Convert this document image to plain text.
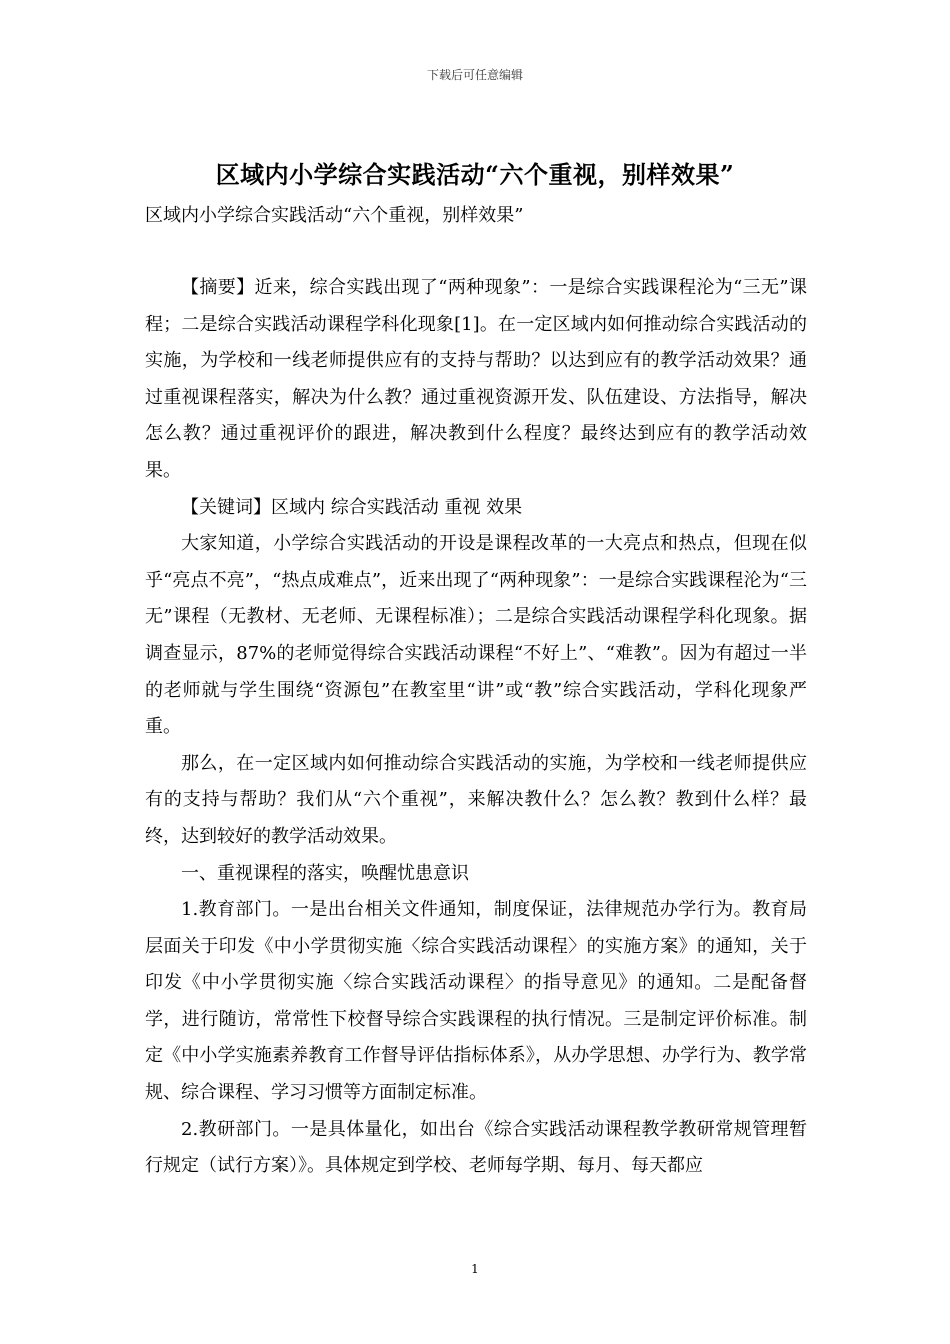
下载后可任意编辑
区域内小学综合实践活动“六个重视，别样效果”
区域内小学综合实践活动“六个重视，别样效果”

【摘要】近来，综合实践出现了“两种现象”：一是综合实践课程沦为“三无”课程；二是综合实践活动课程学科化现象[1]。在一定区域内如何推动综合实践活动的实施，为学校和一线老师提供应有的支持与帮助？以达到应有的教学活动效果？通过重视课程落实，解决为什么教？通过重视资源开发、队伍建设、方法指导，解决怎么教？通过重视评价的跟进，解决教到什么程度？最终达到应有的教学活动效果。

【关键词】区域内 综合实践活动 重视 效果

大家知道，小学综合实践活动的开设是课程改革的一大亮点和热点，但现在似乎“亮点不亮”，“热点成难点”，近来出现了“两种现象”：一是综合实践课程沦为“三无”课程（无教材、无老师、无课程标准）；二是综合实践活动课程学科化现象。据调查显示，87%的老师觉得综合实践活动课程“不好上”、“难教”。因为有超过一半的老师就与学生围绕“资源包”在教室里“讲”或“教”综合实践活动，学科化现象严重。

那么，在一定区域内如何推动综合实践活动的实施，为学校和一线老师提供应有的支持与帮助？我们从“六个重视”，来解决教什么？怎么教？教到什么样？最终，达到较好的教学活动效果。

一、重视课程的落实，唤醒忧患意识

1.教育部门。一是出台相关文件通知，制度保证，法律规范办学行为。教育局层面关于印发《中小学贯彻实施〈综合实践活动课程〉的实施方案》的通知，关于印发《中小学贯彻实施〈综合实践活动课程〉的指导意见》的通知。二是配备督学，进行随访，常常性下校督导综合实践课程的执行情况。三是制定评价标准。制定《中小学实施素养教育工作督导评估指标体系》，从办学思想、办学行为、教学常规、综合课程、学习习惯等方面制定标准。

2.教研部门。一是具体量化，如出台《综合实践活动课程教学教研常规管理暂行规定（试行方案）》。具体规定到学校、老师每学期、每月、每天都应

1
